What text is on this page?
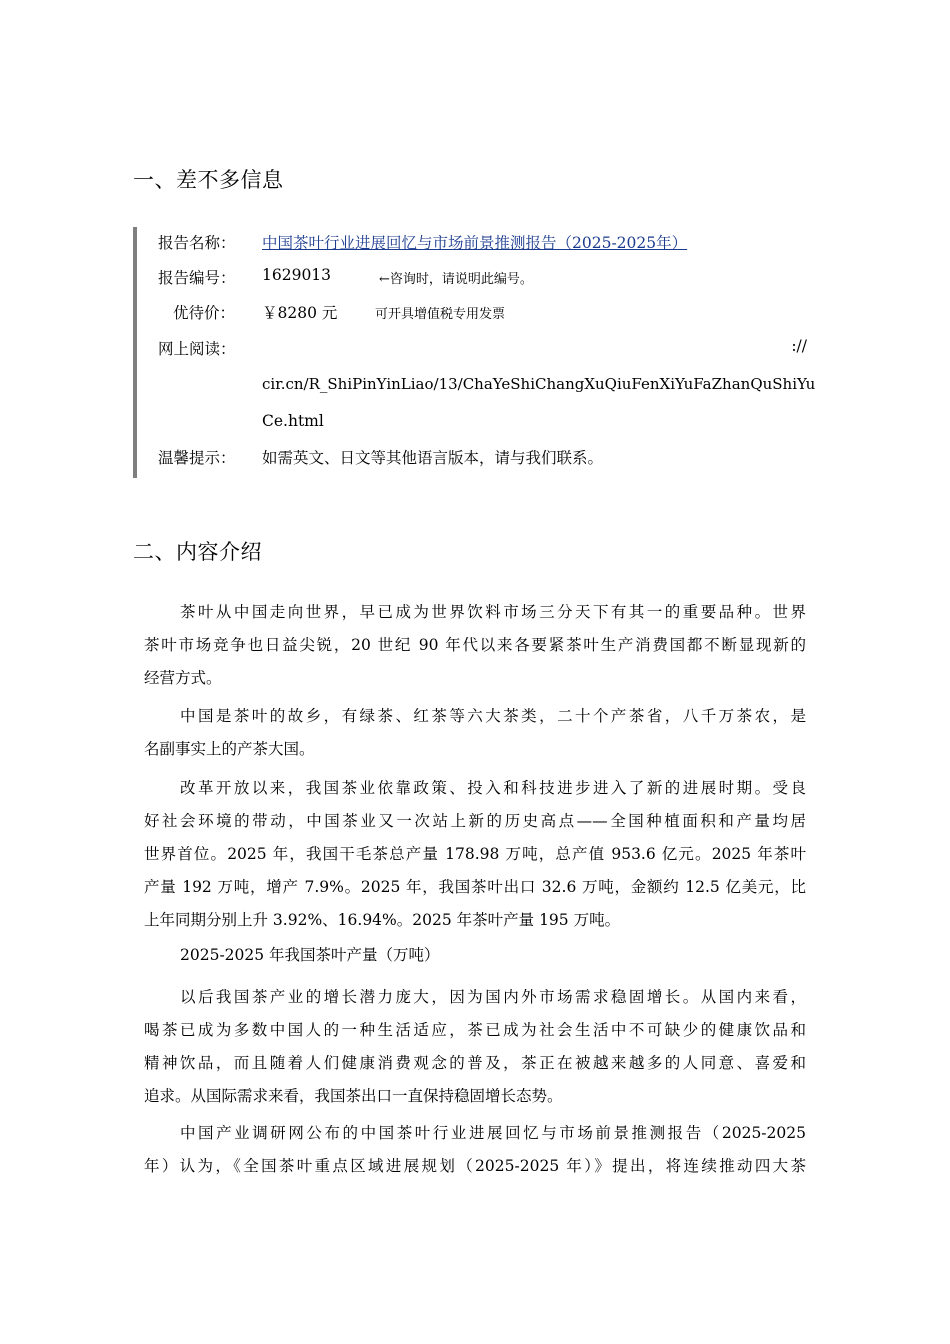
一、差不多信息
报告名称： 中国茶叶行业进展回忆与市场前景推测报告（2025-2025年）
报告编号： 1629013	←咨询时，请说明此编号。
优待价： ￥8280 元	可开具增值税专用发票
网上阅读：	://
cir.cn/R_ShiPinYinLiao/13/ChaYeShiChangXuQiuFenXiYuFaZhanQuShiYu
Ce.html
温馨提示： 如需英文、日文等其他语言版本，请与我们联系。
二、内容介绍
茶叶从中国走向世界，早已成为世界饮料市场三分天下有其一的重要品种。世界
茶叶市场竞争也日益尖锐，20 世纪 90 年代以来各要紧茶叶生产消费国都不断显现新的
经营方式。
中国是茶叶的故乡，有绿茶、红茶等六大茶类，二十个产茶省，八千万茶农，是
名副事实上的产茶大国。
改革开放以来，我国茶业依靠政策、投入和科技进步进入了新的进展时期。受良
好社会环境的带动，中国茶业又一次站上新的历史高点——全国种植面积和产量均居
世界首位。2025 年，我国干毛茶总产量 178.98 万吨，总产值 953.6 亿元。2025 年茶叶
产量 192 万吨，增产 7.9%。2025 年，我国茶叶出口 32.6 万吨，金额约 12.5 亿美元，比
上年同期分别上升 3.92%、16.94%。2025 年茶叶产量 195 万吨。
2025-2025 年我国茶叶产量（万吨）
以后我国茶产业的增长潜力庞大，因为国内外市场需求稳固增长。从国内来看，
喝茶已成为多数中国人的一种生活适应，茶已成为社会生活中不可缺少的健康饮品和
精神饮品，而且随着人们健康消费观念的普及，茶正在被越来越多的人同意、喜爱和
追求。从国际需求来看，我国茶出口一直保持稳固增长态势。
中国产业调研网公布的中国茶叶行业进展回忆与市场前景推测报告（2025-2025
年）认为，《全国茶叶重点区域进展规划（2025-2025 年）》提出，将连续推动四大茶
